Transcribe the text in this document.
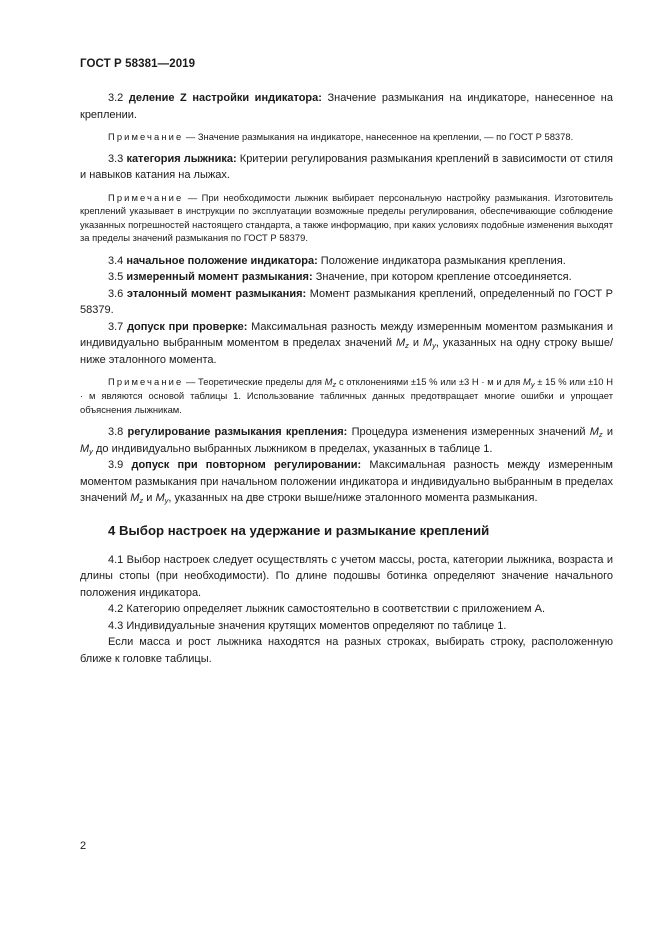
ГОСТ Р 58381—2019

3.2 деление Z настройки индикатора: Значение размыкания на индикаторе, нанесенное на креплении.

Примечание — Значение размыкания на индикаторе, нанесенное на креплении, — по ГОСТ Р 58378.

3.3 категория лыжника: Критерии регулирования размыкания креплений в зависимости от стиля и навыков катания на лыжах.

Примечание — При необходимости лыжник выбирает персональную настройку размыкания. Изготовитель креплений указывает в инструкции по эксплуатации возможные пределы регулирования, обеспечивающие соблюдение указанных погрешностей настоящего стандарта, а также информацию, при каких условиях подобные изменения выходят за пределы значений размыкания по ГОСТ Р 58379.

3.4 начальное положение индикатора: Положение индикатора размыкания крепления.

3.5 измеренный момент размыкания: Значение, при котором крепление отсоединяется.

3.6 эталонный момент размыкания: Момент размыкания креплений, определенный по ГОСТ Р 58379.

3.7 допуск при проверке: Максимальная разность между измеренным моментом размыкания и индивидуально выбранным моментом в пределах значений $M_z$ и $M_y$, указанных на одну строку выше/ниже эталонного момента.

Примечание — Теоретические пределы для $M_z$ с отклонениями ±15 % или ±3 Н · м и для $M_y \pm 15$ % или ±10 Н · м являются основой таблицы 1. Использование табличных данных предотвращает многие ошибки и упрощает объяснения лыжникам.

3.8 регулирование размыкания крепления: Процедура изменения измеренных значений $M_z$ и $M_y$ до индивидуально выбранных лыжником в пределах, указанных в таблице 1.

3.9 допуск при повторном регулировании: Максимальная разность между измеренным моментом размыкания при начальном положении индикатора и индивидуально выбранным в пределах значений $M_z$ и $M_y$, указанных на две строки выше/ниже эталонного момента размыкания.

4 Выбор настроек на удержание и размыкание креплений

4.1 Выбор настроек следует осуществлять с учетом массы, роста, категории лыжника, возраста и длины стопы (при необходимости). По длине подошвы ботинка определяют значение начального положения индикатора.

4.2 Категорию определяет лыжник самостоятельно в соответствии с приложением А.

4.3 Индивидуальные значения крутящих моментов определяют по таблице 1.

Если масса и рост лыжника находятся на разных строках, выбирать строку, расположенную ближе к головке таблицы.

2
